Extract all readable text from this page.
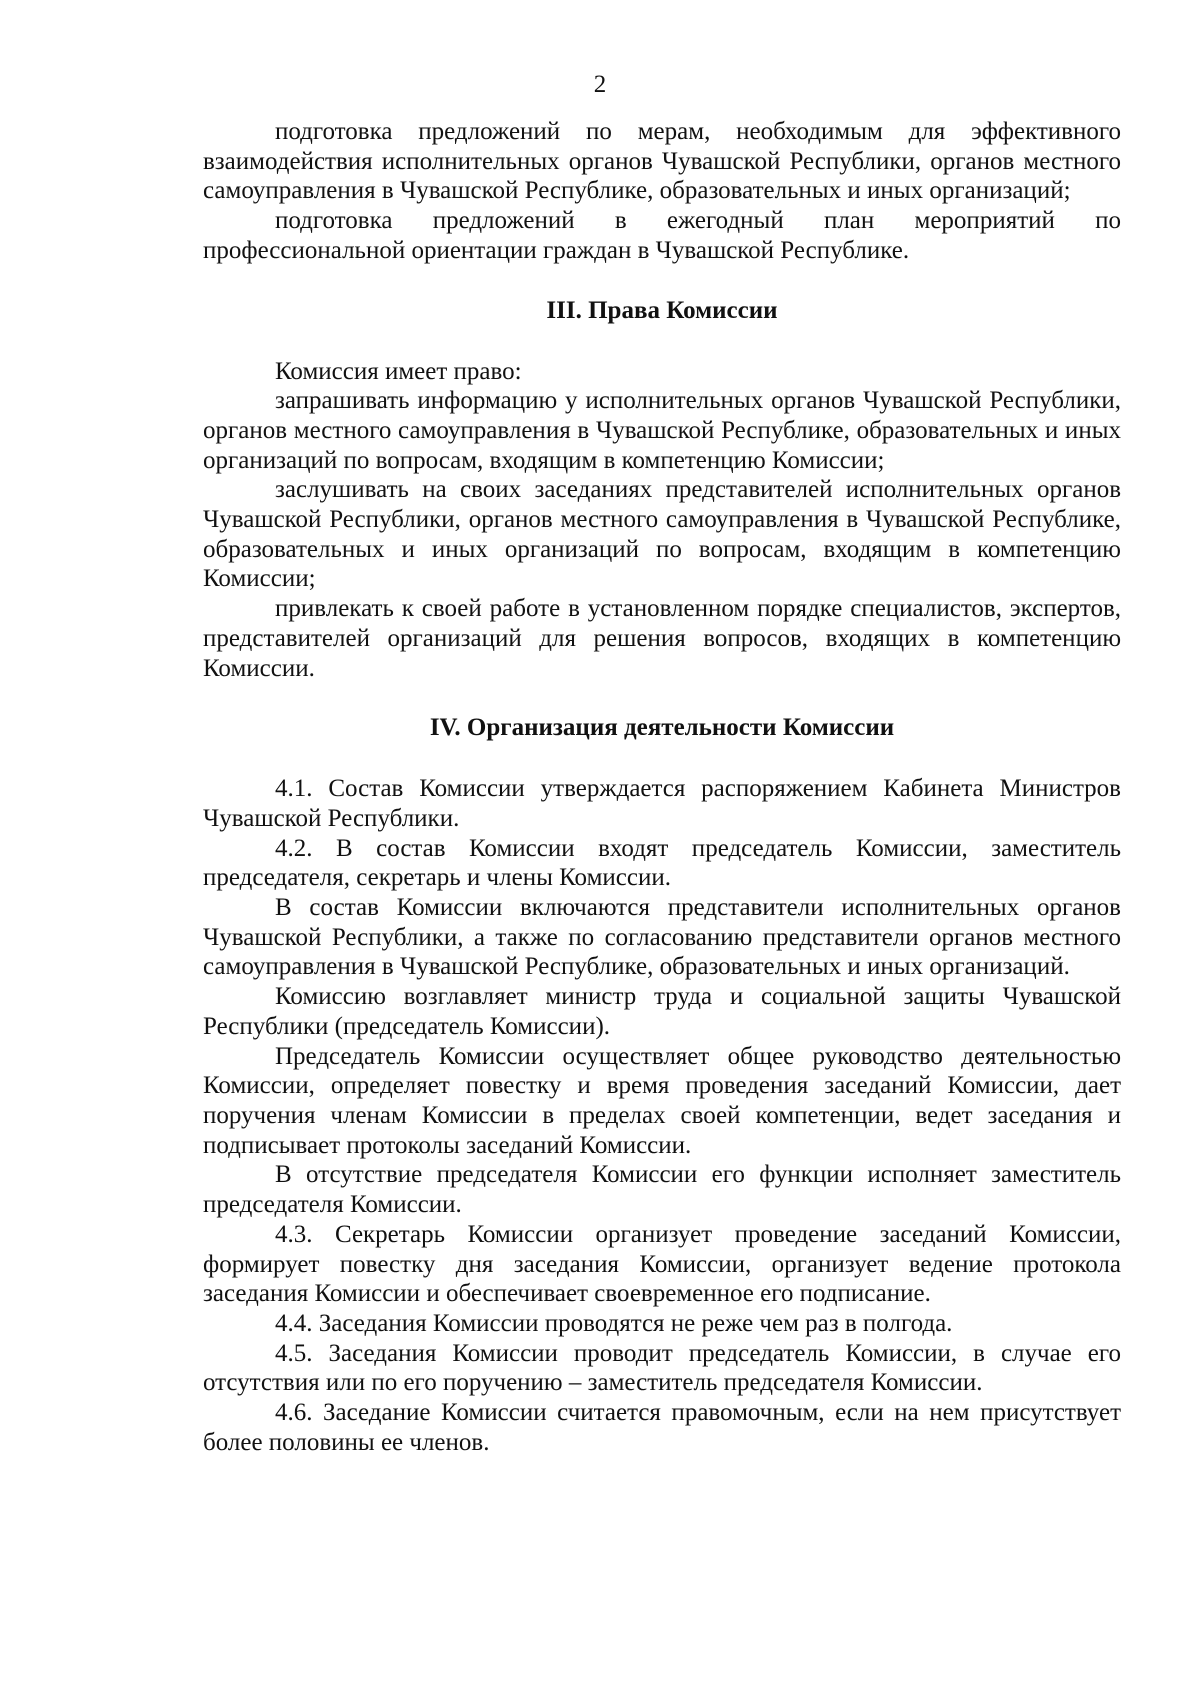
2

подготовка предложений по мерам, необходимым для эффективного взаимодействия исполнительных органов Чувашской Республики, органов местного самоуправления в Чувашской Республике, образовательных и иных организаций;

подготовка предложений в ежегодный план мероприятий по профессиональной ориентации граждан в Чувашской Республике.

III. Права Комиссии

Комиссия имеет право:

запрашивать информацию у исполнительных органов Чувашской Республики, органов местного самоуправления в Чувашской Республике, образовательных и иных организаций по вопросам, входящим в компетенцию Комиссии;

заслушивать на своих заседаниях представителей исполнительных органов Чувашской Республики, органов местного самоуправления в Чувашской Республике, образовательных и иных организаций по вопросам, входящим в компетенцию Комиссии;

привлекать к своей работе в установленном порядке специалистов, экспертов, представителей организаций для решения вопросов, входящих в компетенцию Комиссии.

IV. Организация деятельности Комиссии

4.1. Состав Комиссии утверждается распоряжением Кабинета Министров Чувашской Республики.

4.2. В состав Комиссии входят председатель Комиссии, заместитель председателя, секретарь и члены Комиссии.

В состав Комиссии включаются представители исполнительных органов Чувашской Республики, а также по согласованию представители органов местного самоуправления в Чувашской Республике, образовательных и иных организаций.

Комиссию возглавляет министр труда и социальной защиты Чувашской Республики (председатель Комиссии).

Председатель Комиссии осуществляет общее руководство деятельностью Комиссии, определяет повестку и время проведения заседаний Комиссии, дает поручения членам Комиссии в пределах своей компетенции, ведет заседания и подписывает протоколы заседаний Комиссии.

В отсутствие председателя Комиссии его функции исполняет заместитель председателя Комиссии.

4.3. Секретарь Комиссии организует проведение заседаний Комиссии, формирует повестку дня заседания Комиссии, организует ведение протокола заседания Комиссии и обеспечивает своевременное его подписание.

4.4. Заседания Комиссии проводятся не реже чем раз в полгода.

4.5. Заседания Комиссии проводит председатель Комиссии, в случае его отсутствия или по его поручению – заместитель председателя Комиссии.

4.6. Заседание Комиссии считается правомочным, если на нем присутствует более половины ее членов.
